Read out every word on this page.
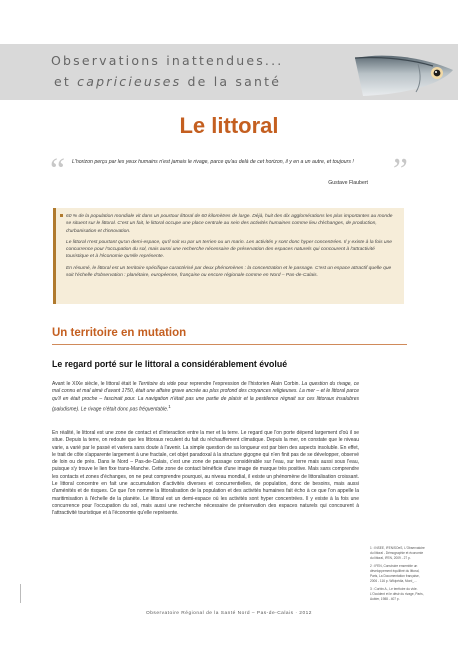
Observations inattendues...
et capricieuses de la santé
Le littoral
“ L'horizon perçu par les yeux humains n'est jamais le rivage, parce qu'au delà de cet horizon, il y en a un autre, et toujours !
Gustave Flaubert ”

60 % de la population mondiale vit dans un pourtour littoral de 60 kilomètres de large. Déjà, huit des dix agglomérations les plus importantes au monde se situent sur le littoral. C'est un fait, le littoral occupe une place centrale au sein des activités humaines comme lieu d'échanges, de production, d'urbanisation et d'innovation.

Le littoral n'est pourtant qu'un demi-espace, qu'il soit vu par un terrien ou un marin. Les activités y sont donc hyper concentrées. Il y existe à la fois une concurrence pour l'occupation du sol, mais aussi une recherche nécessaire de préservation des espaces naturels qui concourent à l'attractivité touristique et à l'économie qu'elle représente.

En résumé, le littoral est un territoire spécifique caractérisé par deux phénomènes : la concentration et le passage. C'est un espace attractif quelle que soit l'échelle d'observation : planétaire, européenne, française ou encore régionale comme en Nord – Pas-de-Calais.

Un territoire en mutation
Le regard porté sur le littoral a considérablement évolué
Avant le XIXe siècle, le littoral était le Territoire du vide pour reprendre l'expression de l'historien Alain Corbin. La question du rivage, ce mal connu et mal aimé d'avant 1750, était une affaire grave ancrée au plus profond des croyances religieuses. La mer – et le littoral parce qu'il en était proche – fascinait pour. La navigation n'était pas une partie de plaisir et la pestilence régnait sur ces littoraux insalubres (paludisme). Le rivage n'était donc pas fréquentable.$^1$
En réalité, le littoral est une zone de contact et d'interaction entre la mer et la terre. Le regard que l'on porte dépend largement d'où il se situe. Depuis la terre, on redoute que les littoraux reculent du fait du réchauffement climatique. Depuis la mer, on constate que le niveau varie, a varié par le passé et variera sans doute à l'avenir. La simple question de sa longueur est par bien des aspects insoluble. En effet, le trait de côte s'apparente largement à une fractale, cet objet paradoxal à la structure gigogne qui n'en finit pas de se développer, observé de loin ou de près. Dans le Nord – Pas-de-Calais, c'est une zone de passage considérable sur l'eau, sur terre mais aussi sous l'eau, puisque s'y trouve le lien fixe trans-Manche. Cette zone de contact bénéficie d'une image de marque très positive. Mais sans comprendre les contacts et zones d'échanges, on ne peut comprendre pourquoi, au niveau mondial, il existe un phénomène de littoralisation croissant. Le littoral concentre en fait une accumulation d'activités diverses et concurrentielles, de population, donc de besoins, mais aussi d'aménités et de risques. Ce que l'on nomme la littoralisation de la population et des activités humaines fait écho à ce que l'on appelle la maritimisation à l'échelle de la planète. Le littoral est un demi-espace où les activités sont hyper concentrées. Il y existe à la fois une concurrence pour l'occupation du sol, mais aussi une recherche nécessaire de préservation des espaces naturels qui concourent à l'attractivité touristique et à l'économie qu'elle représente.

1 : INSEE, IFEN/SOeS, L'Observatoire du littoral - Démographie et économie du littoral, IFEN, 2009 - 27 p.

2 : IFEN, Construire ensemble un développement équilibré du littoral, Paris, La Documentation française, 2006 - 116 p. Wikipédia, Mord_...

3 : Corbin A., Le territoire du vide. L'Occident et le désir du rivage, Paris, Aubier, 1988 - 407 p.

Observatoire Régional de la Santé Nord – Pas-de-Calais · 2012
